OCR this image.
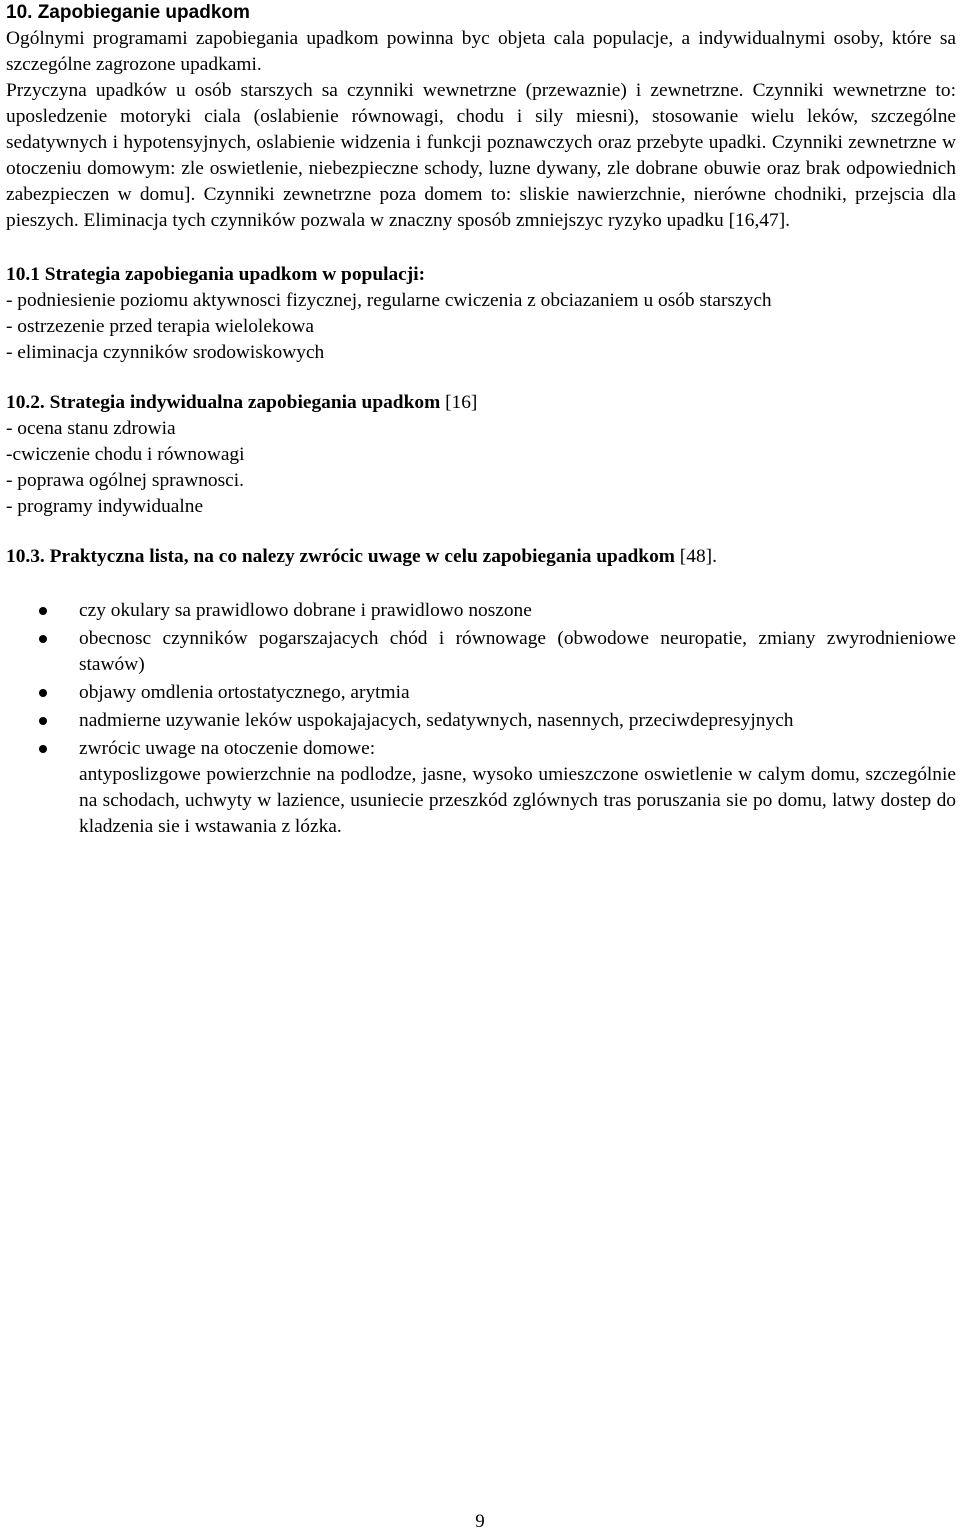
10. Zapobieganie upadkom

Ogólnymi programami zapobiegania upadkom powinna byc objeta cala populacje, a indywidualnymi osoby, które sa szczególne zagrozone upadkami.

Przyczyna upadków u osób starszych sa czynniki wewnetrzne (przewaznie) i zewnetrzne. Czynniki wewnetrzne to: uposledzenie motoryki ciala (oslabienie równowagi, chodu i sily miesni), stosowanie wielu leków, szczególne sedatywnych i hypotensyjnych, oslabienie widzenia i funkcji poznawczych oraz przebyte upadki. Czynniki zewnetrzne w otoczeniu domowym: zle oswietlenie, niebezpieczne schody, luzne dywany, zle dobrane obuwie oraz brak odpowiednich zabezpieczen w domu]. Czynniki zewnetrzne poza domem to: sliskie nawierzchnie, nierówne chodniki, przejscia dla pieszych. Eliminacja tych czynników pozwala w znaczny sposób zmniejszyc ryzyko upadku [16,47].

10.1 Strategia zapobiegania upadkom w populacji:

- podniesienie poziomu aktywnosci fizycznej, regularne cwiczenia z obciazaniem u osób starszych
- ostrzezenie przed terapia wielolekowa
- eliminacja czynników srodowiskowych

10.2. Strategia indywidualna zapobiegania upadkom [16]

- ocena stanu zdrowia
-cwiczenie chodu i równowagi
- poprawa ogólnej sprawnosci.
- programy indywidualne

10.3. Praktyczna lista, na co nalezy zwrócic uwage w celu zapobiegania upadkom [48].

czy okulary sa prawidlowo dobrane i prawidlowo noszone
obecnosc czynników pogarszajacych chód i równowage (obwodowe neuropatie, zmiany zwyrodnieniowe stawów)
objawy omdlenia ortostatycznego, arytmia
nadmierne uzywanie leków uspokajajacych, sedatywnych, nasennych, przeciwdepresyjnych
zwrócic uwage na otoczenie domowe:
antyposlizgowe powierzchnie na podlodze, jasne, wysoko umieszczone oswietlenie w calym domu, szczególnie na schodach, uchwyty w lazience, usuniecie przeszkód zglównych tras poruszania sie po domu, latwy dostep do kladzenia sie i wstawania z lózka.
9
